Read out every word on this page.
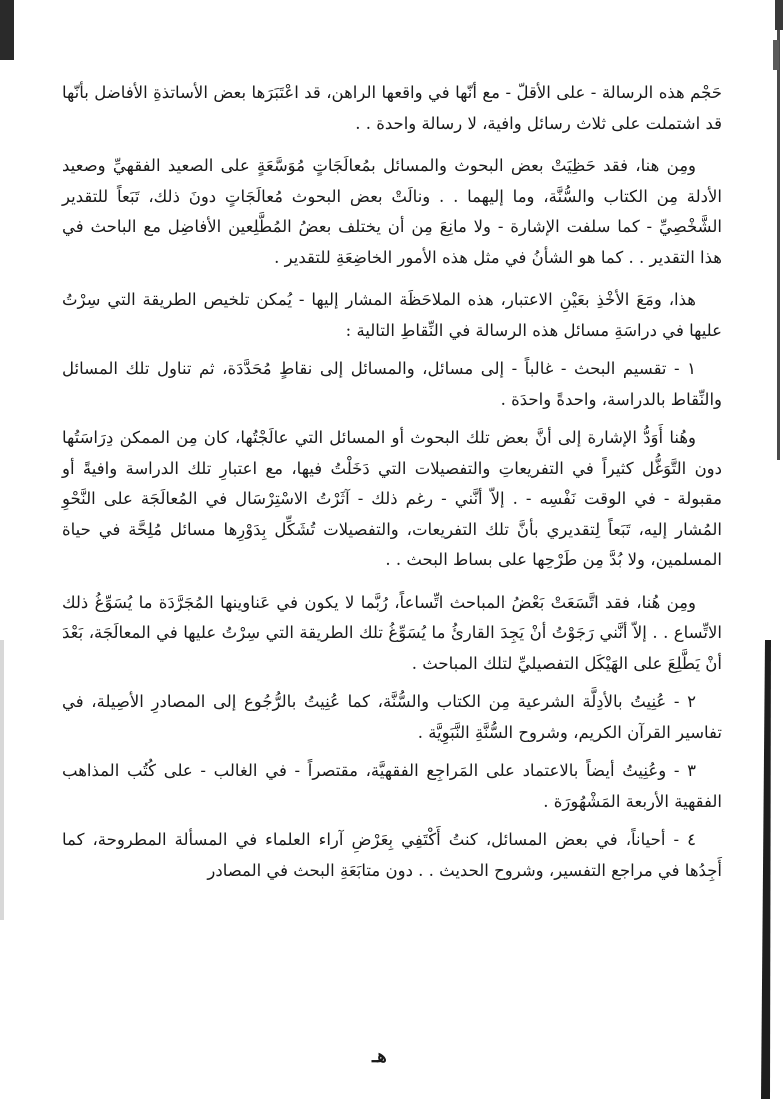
حَجْم هذه الرسالة - على الأقلّ - مع أنّها في واقعها الراهن، قد اعْتَبَرَها بعض الأساتذةِ الأفاضل بأنّها قد اشتملت على ثلاث رسائل وافية، لا رسالة واحدة . .

ومِن هنا، فقد حَظِيَتْ بعض البحوث والمسائل بمُعالَجَاتٍ مُوَسَّعَةٍ على الصعيد الفقهيِّ وصعيد الأدلة مِن الكتاب والسُّنَّة، وما إليهما . . ونالَتْ بعض البحوث مُعالَجَاتٍ دونَ ذلك، تَبَعاً للتقدير الشَّخْصِيِّ - كما سلفت الإشارة - ولا مانِعَ مِن أن يختلف بعضُ المُطَّلِعين الأفاضِل مع الباحث في هذا التقدير . . كما هو الشأنُ في مثل هذه الأمور الخاضِعَةِ للتقدير .

هذا، ومَعَ الأخْذِ بعَيْنِ الاعتبار، هذه الملاحَظَة المشار إليها - يُمكن تلخيص الطريقة التي سِرْتُ عليها في دراسَةِ مسائل هذه الرسالة في النِّقاطِ التالية :

١ - تقسيم البحث - غالباً - إلى مسائل، والمسائل إلى نقاطٍ مُحَدَّدَة، ثم تناول تلك المسائل والنِّقاط بالدراسة، واحدةً واحدَة .

وهُنا أَوَدُّ الإشارة إلى أنَّ بعض تلك البحوث أو المسائل التي عالَجْتُها، كان مِن الممكن دِرَاسَتُها دون التَّوَغُّل كثيراً في التفريعاتِ والتفصيلات التي دَخَلْتُ فيها، مع اعتبارِ تلك الدراسة وافيةً أو مقبولة - في الوقت نَفْسِه - . إلاّ أنَّني - رغم ذلك - آثَرْتُ الاسْتِرْسَال في المُعالَجَة على النَّحْوِ المُشار إليه، تَبَعاً لِتقديري بأنَّ تلك التفريعات، والتفصيلات تُشَكِّل بِدَوْرِها مسائل مُلِحَّة في حياة المسلمين، ولا بُدَّ مِن طَرْحِها على بساط البحث . .

ومِن هُنا، فقد اتَّسَعَتْ بَعْضُ المباحث اتِّساعاً، رُبَّما لا يكون في عَناوينها المُجَرَّدَة ما يُسَوِّغُ ذلك الاتِّساع . . إلاّ أنَّني رَجَوْتُ أنْ يَجِدَ القارئُ ما يُسَوِّغُ تلك الطريقة التي سِرْتُ عليها في المعالَجَة، بَعْدَ أنْ يَطَّلِعَ على الهَيْكَل التفصيليِّ لتلك المباحث .

٢ - عُنِيتُ بالأدِلَّة الشرعية مِن الكتاب والسُّنَّة، كما عُنِيتُ بالرُّجُوع إلى المصادرِ الأصِيلة، في تفاسير القرآن الكريم، وشروح السُّنَّةِ النَّبَوِيَّة .

٣ - وعُنِيتُ أيضاً بالاعتماد على المَراجِع الفقهيَّة، مقتصراً - في الغالب - على كُتُب المذاهب الفقهية الأربعة المَشْهُورَة .

٤ - أحياناً، في بعض المسائل، كنتُ أَكْتَفِي بِعَرْضِ آراء العلماء في المسألة المطروحة، كما أَجِدُها في مراجع التفسير، وشروح الحديث . . دون متابَعَةِ البحث في المصادر

هـ
